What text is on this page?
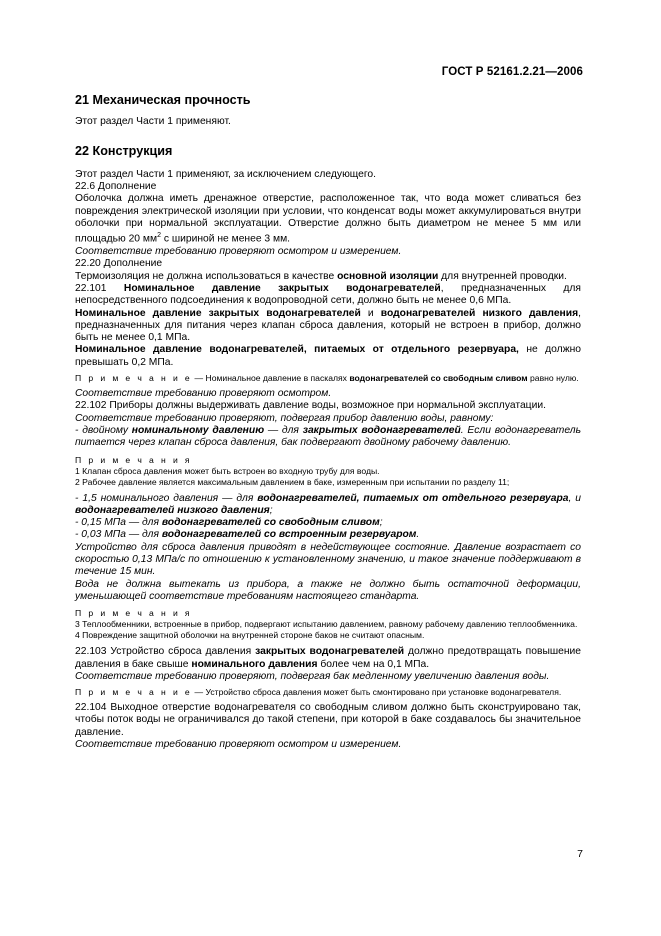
ГОСТ Р 52161.2.21—2006
21 Механическая прочность

Этот раздел Части 1 применяют.

22 Конструкция

Этот раздел Части 1 применяют, за исключением следующего.

22.6 Дополнение

Оболочка должна иметь дренажное отверстие, расположенное так, что вода может сливаться без повреждения электрической изоляции при условии, что конденсат воды может аккумулироваться внутри оболочки при нормальной эксплуатации. Отверстие должно быть диаметром не менее 5 мм или площадью 20 $мм^2$ с шириной не менее 3 мм.

Соответствие требованию проверяют осмотром и измерением.

22.20 Дополнение

Термоизоляция не должна использоваться в качестве основной изоляции для внутренней проводки.

22.101 Номинальное давление закрытых водонагревателей, предназначенных для непосредственного подсоединения к водопроводной сети, должно быть не менее 0,6 МПа.

Номинальное давление закрытых водонагревателей и водонагревателей низкого давления, предназначенных для питания через клапан сброса давления, который не встроен в прибор, должно быть не менее 0,1 МПа.

Номинальное давление водонагревателей, питаемых от отдельного резервуара, не должно превышать 0,2 МПа.

П р и м е ч а н и е — Номинальное давление в паскалях водонагревателей со свободным сливом равно нулю.

Соответствие требованию проверяют осмотром.

22.102 Приборы должны выдерживать давление воды, возможное при нормальной эксплуатации.

Соответствие требованию проверяют, подвергая прибор давлению воды, равному:

- двойному номинальному давлению — для закрытых водонагревателей. Если водонагреватель питается через клапан сброса давления, бак подвергают двойному рабочему давлению.

П р и м е ч а н и я

1 Клапан сброса давления может быть встроен во входную трубу для воды.

2 Рабочее давление является максимальным давлением в баке, измеренным при испытании по разделу 11;

- 1,5 номинального давления — для водонагревателей, питаемых от отдельного резервуара, и водонагревателей низкого давления;

- 0,15 МПа — для водонагревателей со свободным сливом;

- 0,03 МПа — для водонагревателей со встроенным резервуаром.

Устройство для сброса давления приводят в недействующее состояние. Давление возрастает со скоростью 0,13 МПа/с по отношению к установленному значению, и такое значение поддерживают в течение 15 мин.

Вода не должна вытекать из прибора, а также не должно быть остаточной деформации, уменьшающей соответствие требованиям настоящего стандарта.

П р и м е ч а н и я

3 Теплообменники, встроенные в прибор, подвергают испытанию давлением, равному рабочему давлению теплообменника.

4 Повреждение защитной оболочки на внутренней стороне баков не считают опасным.

22.103 Устройство сброса давления закрытых водонагревателей должно предотвращать повышение давления в баке свыше номинального давления более чем на 0,1 МПа.

Соответствие требованию проверяют, подвергая бак медленному увеличению давления воды.

П р и м е ч а н и е — Устройство сброса давления может быть смонтировано при установке водонагревателя.

22.104 Выходное отверстие водонагревателя со свободным сливом должно быть сконструировано так, чтобы поток воды не ограничивался до такой степени, при которой в баке создавалось бы значительное давление.

Соответствие требованию проверяют осмотром и измерением.

7
